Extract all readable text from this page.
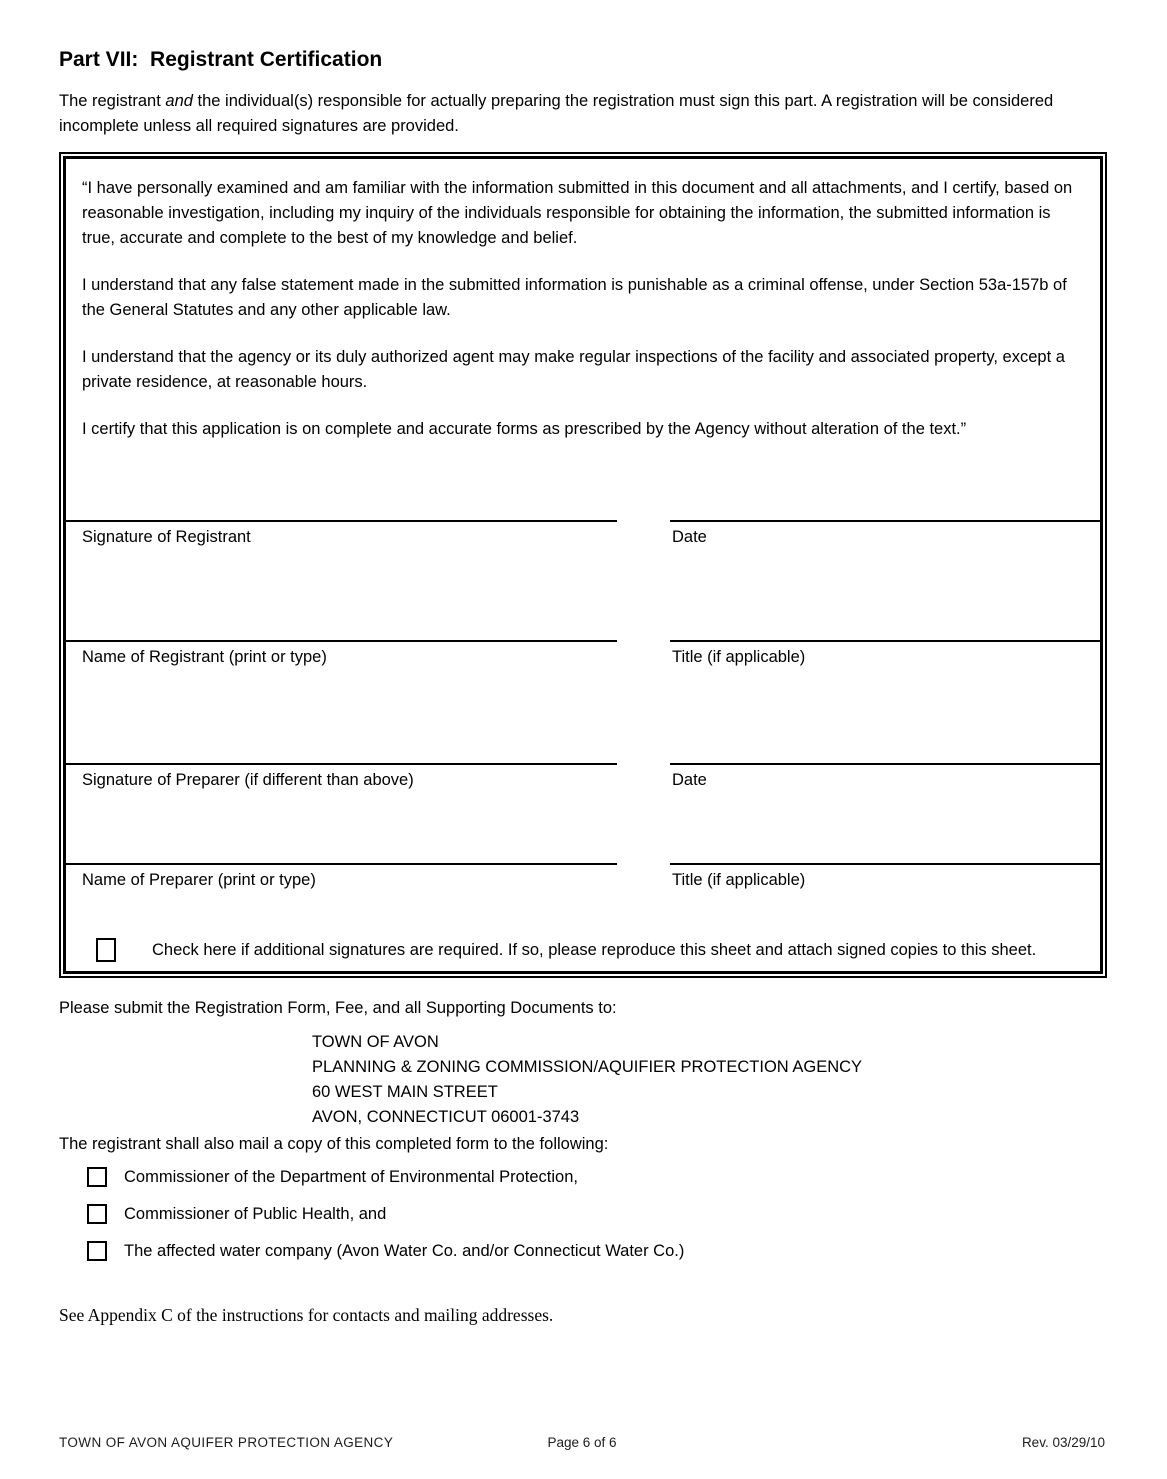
Part VII:  Registrant Certification

The registrant and the individual(s) responsible for actually preparing the registration must sign this part. A registration will be considered incomplete unless all required signatures are provided.

“I have personally examined and am familiar with the information submitted in this document and all attachments, and I certify, based on reasonable investigation, including my inquiry of the individuals responsible for obtaining the information, the submitted information is true, accurate and complete to the best of my knowledge and belief.

I understand that any false statement made in the submitted information is punishable as a criminal offense, under Section 53a-157b of the General Statutes and any other applicable law.

I understand that the agency or its duly authorized agent may make regular inspections of the facility and associated property, except a private residence, at reasonable hours.

I certify that this application is on complete and accurate forms as prescribed by the Agency without alteration of the text.”

Signature of Registrant	Date
Name of Registrant (print or type)	Title (if applicable)
Signature of Preparer (if different than above)	Date
Name of Preparer (print or type)	Title (if applicable)
Check here if additional signatures are required. If so, please reproduce this sheet and attach signed copies to this sheet.

Please submit the Registration Form, Fee, and all Supporting Documents to:

TOWN OF AVON
PLANNING & ZONING COMMISSION/AQUIFIER PROTECTION AGENCY
60 WEST MAIN STREET
AVON, CONNECTICUT 06001-3743

The registrant shall also mail a copy of this completed form to the following:

Commissioner of the Department of Environmental Protection,
Commissioner of Public Health, and
The affected water company (Avon Water Co. and/or Connecticut Water Co.)

See Appendix C of the instructions for contacts and mailing addresses.

TOWN OF AVON AQUIFER PROTECTION AGENCY	Page 6 of 6	Rev. 03/29/10
